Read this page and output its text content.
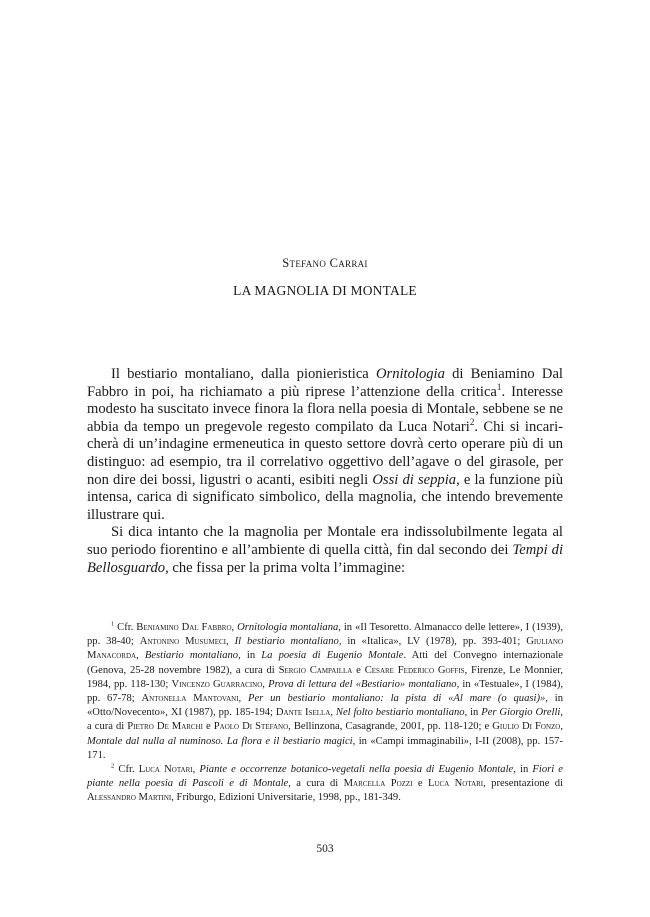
Stefano Carrai
LA MAGNOLIA DI MONTALE

Il bestiario montaliano, dalla pionieristica Ornitologia di Beniamino Dal Fabbro in poi, ha richiamato a più riprese l’attenzione della critica$^1$. Interesse modesto ha suscitato invece finora la flora nella poesia di Montale, sebbene se ne abbia da tempo un pregevole regesto compilato da Luca Notari$^2$. Chi si incaricherà di un’indagine ermeneutica in questo settore dovrà certo operare più di un distinguo: ad esempio, tra il correlativo oggettivo dell’agave o del girasole, per non dire dei bossi, ligustri o acanti, esibiti negli Ossi di seppia, e la funzione più intensa, carica di significato simbolico, della magnolia, che intendo brevemente illustrare qui.

Si dica intanto che la magnolia per Montale era indissolubilmente legata al suo periodo fiorentino e all’ambiente di quella città, fin dal secondo dei Tempi di Bellosguardo, che fissa per la prima volta l’immagine:

$^1$ Cfr. Beniamino Dal Fabbro, Ornitologia montaliana, in «Il Tesoretto. Almanacco delle lettere», I (1939), pp. 38-40; Antonino Musumeci, Il bestiario montaliano, in «Italica», LV (1978), pp. 393-401; Giuliano Manacorda, Bestiario montaliano, in La poesia di Eugenio Montale. Atti del Convegno internazionale (Genova, 25-28 novembre 1982), a cura di Sergio Campailla e Cesare Federico Goffis, Firenze, Le Monnier, 1984, pp. 118-130; Vincenzo Guarracino, Prova di lettura del «Bestiario» montaliano, in «Testuale», I (1984), pp. 67-78; Antonella Mantovani, Per un bestiario montaliano: la pista di «Al mare (o quasi)», in «Otto/Novecento», XI (1987), pp. 185-194; Dante Isella, Nel folto bestiario montaliano, in Per Giorgio Orelli, a cura di Pietro De Marchi e Paolo Di Stefano, Bellinzona, Casagrande, 2001, pp. 118-120; e Giulio Di Fonzo, Montale dal nulla al numinoso. La flora e il bestiario magici, in «Campi immaginabili», I-II (2008), pp. 157-171.

$^2$ Cfr. Luca Notari, Piante e occorrenze botanico-vegetali nella poesia di Eugenio Montale, in Fiori e piante nella poesia di Pascoli e di Montale, a cura di Marcella Pozzi e Luca Notari, presentazione di Alessandro Martini, Friburgo, Edizioni Universitarie, 1998, pp., 181-349.

503
